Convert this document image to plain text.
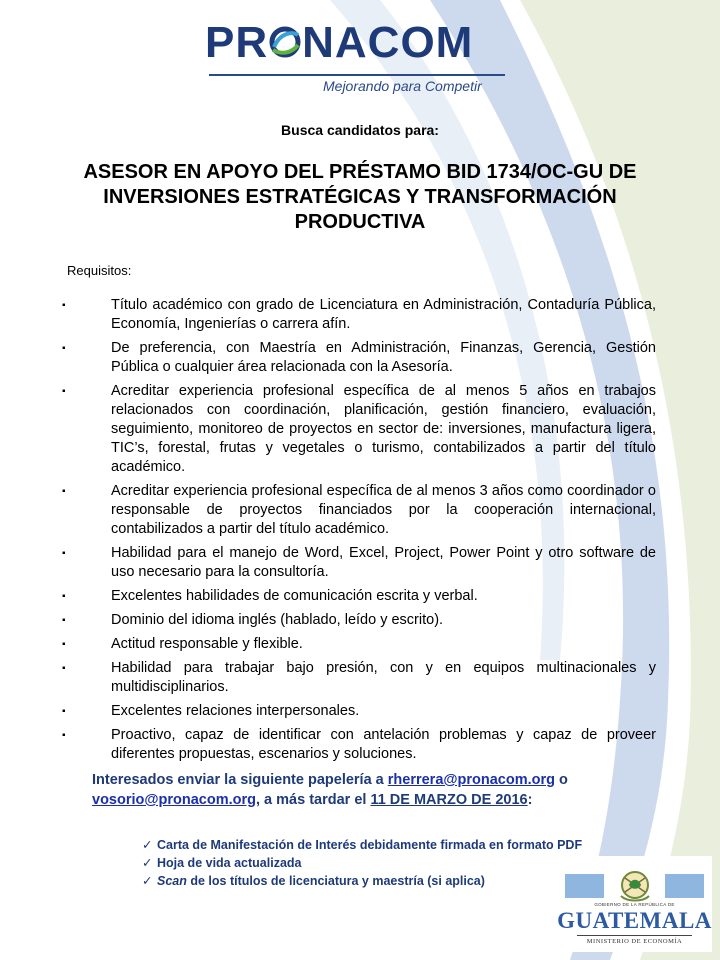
PR NACOM
Mejorando para Competir
Busca candidatos para:
ASESOR EN APOYO DEL PRÉSTAMO BID 1734/OC-GU DE INVERSIONES ESTRATÉGICAS Y TRANSFORMACIÓN PRODUCTIVA
Requisitos:
▪	Título académico con grado de Licenciatura en Administración, Contaduría Pública, Economía, Ingenierías o carrera afín.
▪	De preferencia, con Maestría en Administración, Finanzas, Gerencia, Gestión Pública o cualquier área relacionada con la Asesoría.
▪	Acreditar experiencia profesional específica de al menos 5 años en trabajos relacionados con coordinación, planificación, gestión financiero, evaluación, seguimiento, monitoreo de proyectos en sector de: inversiones, manufactura ligera, TIC’s, forestal, frutas y vegetales o turismo, contabilizados a partir del título académico.
▪	Acreditar experiencia profesional específica de al menos 3 años como coordinador o responsable de proyectos financiados por la cooperación internacional, contabilizados a partir del título académico.
▪	Habilidad para el manejo de Word, Excel, Project, Power Point y otro software de uso necesario para la consultoría.
▪	Excelentes habilidades de comunicación escrita y verbal.
▪	Dominio del idioma inglés (hablado, leído y escrito).
▪	Actitud responsable y flexible.
▪	Habilidad para trabajar bajo presión, con y en equipos multinacionales y multidisciplinarios.
▪	Excelentes relaciones interpersonales.
▪	Proactivo, capaz de identificar con antelación problemas y capaz de proveer diferentes propuestas, escenarios y soluciones.
Interesados enviar la siguiente papelería a rherrera@pronacom.org o vosorio@pronacom.org, a más tardar el 11 DE MARZO DE 2016:
✓ Carta de Manifestación de Interés debidamente firmada en formato PDF
✓ Hoja de vida actualizada
✓ Scan de los títulos de licenciatura y maestría (si aplica)
GOBIERNO DE LA REPÚBLICA DE
GUATEMALA
MINISTERIO DE ECONOMÍA
